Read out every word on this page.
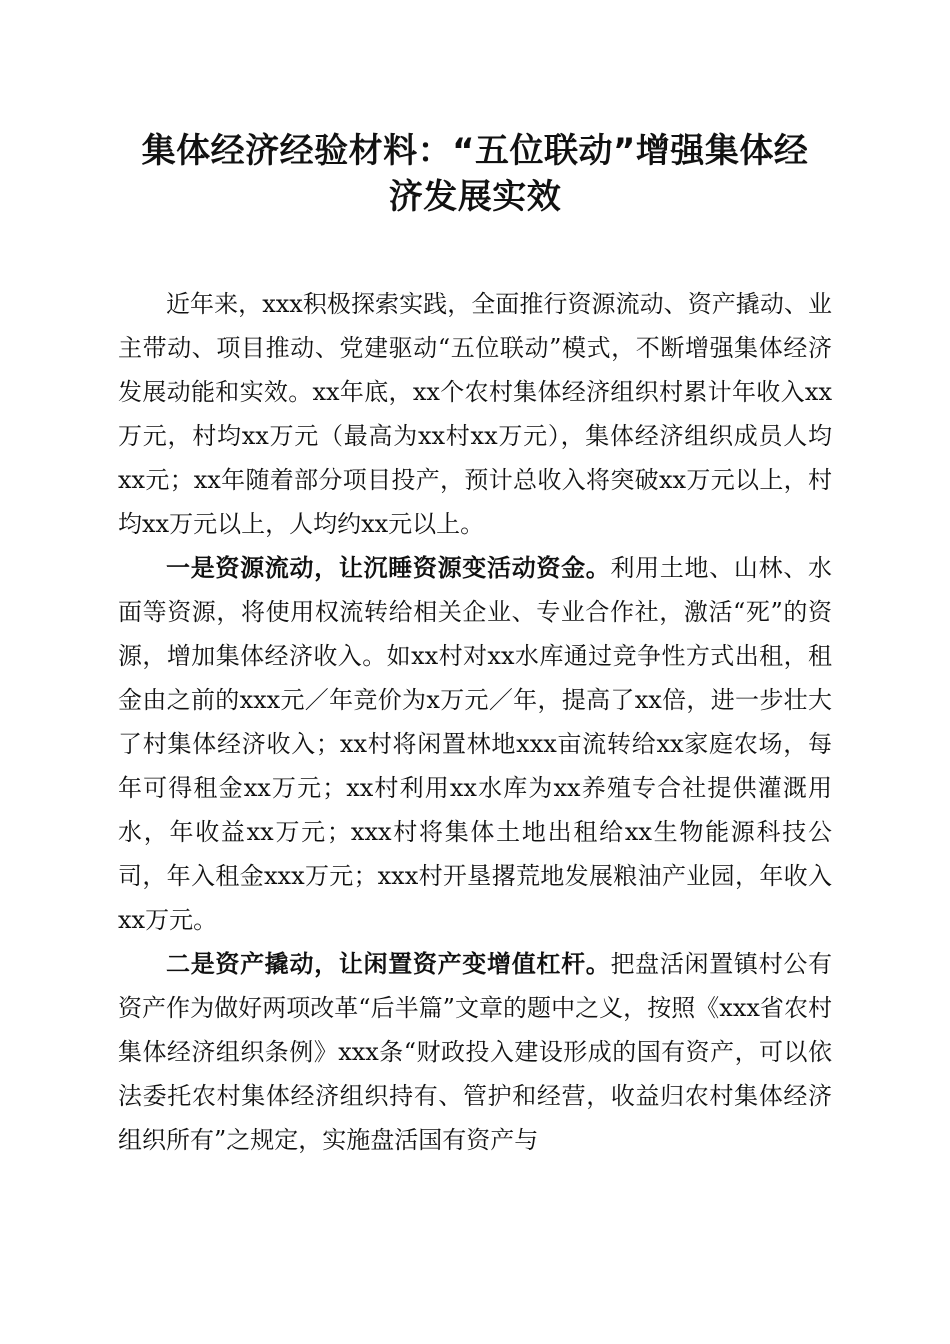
集体经济经验材料：“五位联动”增强集体经
济发展实效

近年来，xxx积极探索实践，全面推行资源流动、资产撬动、业主带动、项目推动、党建驱动“五位联动”模式，不断增强集体经济发展动能和实效。xx年底，xx个农村集体经济组织村累计年收入xx万元，村均xx万元（最高为xx村xx万元），集体经济组织成员人均xx元；xx年随着部分项目投产，预计总收入将突破xx万元以上，村均xx万元以上，人均约xx元以上。

一是资源流动，让沉睡资源变活动资金。利用土地、山林、水面等资源，将使用权流转给相关企业、专业合作社，激活“死”的资源，增加集体经济收入。如xx村对xx水库通过竞争性方式出租，租金由之前的xxx元／年竞价为x万元／年，提高了xx倍，进一步壮大了村集体经济收入；xx村将闲置林地xxx亩流转给xx家庭农场，每年可得租金xx万元；xx村利用xx水库为xx养殖专合社提供灌溉用水，年收益xx万元；xxx村将集体土地出租给xx生物能源科技公司，年入租金xxx万元；xxx村开垦撂荒地发展粮油产业园，年收入xx万元。

二是资产撬动，让闲置资产变增值杠杆。把盘活闲置镇村公有资产作为做好两项改革“后半篇”文章的题中之义，按照《xxx省农村集体经济组织条例》xxx条“财政投入建设形成的国有资产，可以依法委托农村集体经济组织持有、管护和经营，收益归农村集体经济组织所有”之规定，实施盘活国有资产与
